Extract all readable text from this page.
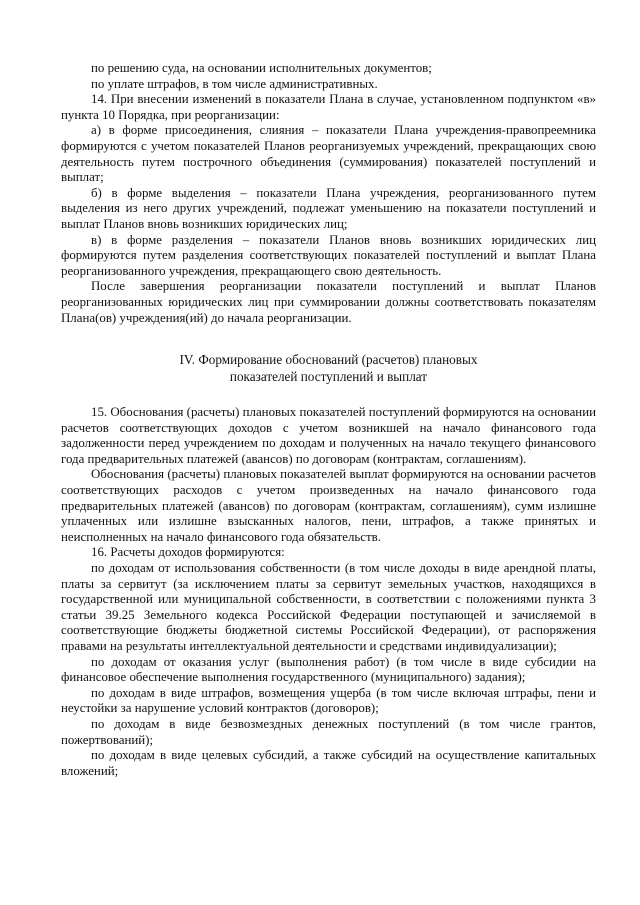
по решению суда, на основании исполнительных документов;

по уплате штрафов, в том числе административных.

14. При внесении изменений в показатели Плана в случае, установленном подпунктом «в» пункта 10 Порядка, при реорганизации:

а) в форме присоединения, слияния – показатели Плана учреждения-правопреемника формируются с учетом показателей Планов реорганизуемых учреждений, прекращающих свою деятельность путем построчного объединения (суммирования) показателей поступлений и выплат;

б) в форме выделения – показатели Плана учреждения, реорганизованного путем выделения из него других учреждений, подлежат уменьшению на показатели поступлений и выплат Планов вновь возникших юридических лиц;

в) в форме разделения – показатели Планов вновь возникших юридических лиц формируются путем разделения соответствующих показателей поступлений и выплат Плана реорганизованного учреждения, прекращающего свою деятельность.

После завершения реорганизации показатели поступлений и выплат Планов реорганизованных юридических лиц при суммировании должны соответствовать показателям Плана(ов) учреждения(ий) до начала реорганизации.

IV. Формирование обоснований (расчетов) плановых
показателей поступлений и выплат

15. Обоснования (расчеты) плановых показателей поступлений формируются на основании расчетов соответствующих доходов с учетом возникшей на начало финансового года задолженности перед учреждением по доходам и полученных на начало текущего финансового года предварительных платежей (авансов) по договорам (контрактам, соглашениям).

Обоснования (расчеты) плановых показателей выплат формируются на основании расчетов соответствующих расходов с учетом произведенных на начало финансового года предварительных платежей (авансов) по договорам (контрактам, соглашениям), сумм излишне уплаченных или излишне взысканных налогов, пени, штрафов, а также принятых и неисполненных на начало финансового года обязательств.

16. Расчеты доходов формируются:

по доходам от использования собственности (в том числе доходы в виде арендной платы, платы за сервитут (за исключением платы за сервитут земельных участков, находящихся в государственной или муниципальной собственности, в соответствии с положениями пункта 3 статьи 39.25 Земельного кодекса Российской Федерации поступающей и зачисляемой в соответствующие бюджеты бюджетной системы Российской Федерации), от распоряжения правами на результаты интеллектуальной деятельности и средствами индивидуализации);

по доходам от оказания услуг (выполнения работ) (в том числе в виде субсидии на финансовое обеспечение выполнения государственного (муниципального) задания);

по доходам в виде штрафов, возмещения ущерба (в том числе включая штрафы, пени и неустойки за нарушение условий контрактов (договоров);

по доходам в виде безвозмездных денежных поступлений (в том числе грантов, пожертвований);

по доходам в виде целевых субсидий, а также субсидий на осуществление капитальных вложений;
